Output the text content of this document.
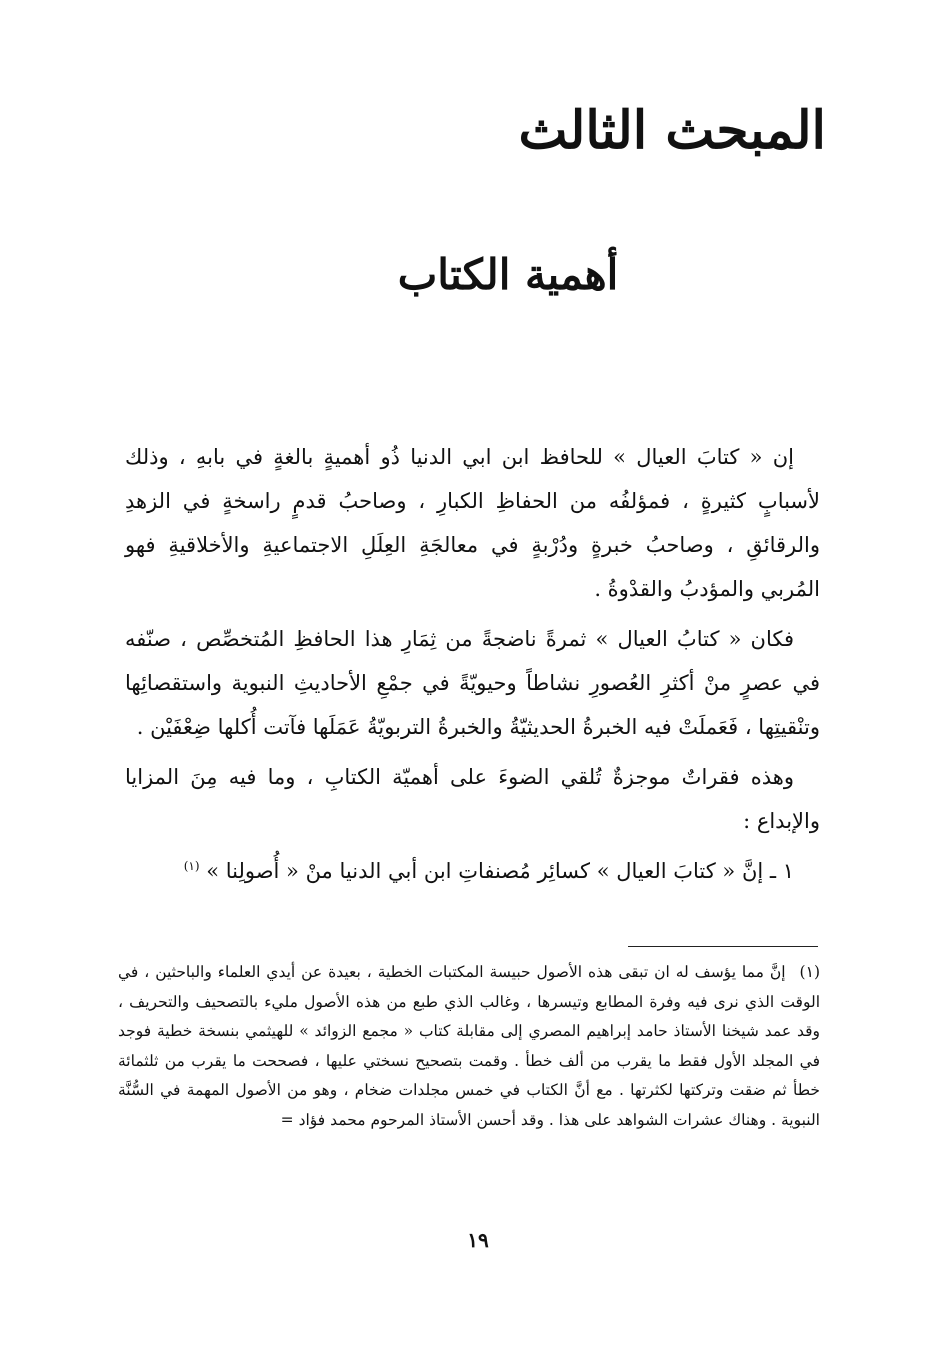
المبحث الثالث
أهمية الكتاب

إن « كتابَ العيال » للحافظ ابن ابي الدنيا ذُو أهميةٍ بالغةٍ في بابهِ ، وذلك لأسبابٍ كثيرةٍ ، فمؤلفُه من الحفاظِ الكبارِ ، وصاحبُ قدمٍ راسخةٍ في الزهدِ والرقائقِ ، وصاحبُ خبرةٍ ودُرْبةٍ في معالجَةِ العِلَلِ الاجتماعيةِ والأخلاقيةِ فهو المُربي والمؤدبُ والقدْوةُ .

فكان « كتابُ العيال » ثمرةً ناضجةً من ثِمَارِ هذا الحافظِ المُتخصِّص ، صنّفه في عصرٍ منْ أكثرِ العُصورِ نشاطاً وحيويّةً في جمْعِ الأحاديثِ النبوية واستقصائِها وتنْقيتِها ، فَعَملَتْ فيه الخبرةُ الحديثيّةُ والخبرةُ التربويّةُ عَمَلَها فآتت أُكلها ضِعْفَيْن .

وهذه فقراتٌ موجزةٌ تُلقي الضوءَ على أهميّة الكتابِ ، وما فيه مِنَ المزايا والإبداع :

١ ـ إنَّ « كتابَ العيال » كسائِر مُصنفاتِ ابن أبي الدنيا منْ « أُصولِنا » $^{(١)}$

(١)إنَّ مما يؤسف له ان تبقى هذه الأصول حبيسة المكتبات الخطية ، بعيدة عن أيدي العلماء والباحثين ، في الوقت الذي نرى فيه وفرة المطابع وتيسرها ، وغالب الذي طبع من هذه الأصول مليء بالتصحيف والتحريف ، وقد عمد شيخنا الأستاذ حامد إبراهيم المصري إلى مقابلة كتاب « مجمع الزوائد » للهيثمي بنسخة خطية فوجد في المجلد الأول فقط ما يقرب من ألف خطأ . وقمت بتصحيح نسختي عليها ، فصححت ما يقرب من ثلثمائة خطأ ثم ضقت وتركتها لكثرتها . مع أنَّ الكتاب في خمس مجلدات ضخام ، وهو من الأصول المهمة في السُّنَّة النبوية . وهناك عشرات الشواهد على هذا . وقد أحسن الأستاذ المرحوم محمد فؤاد =

١٩
